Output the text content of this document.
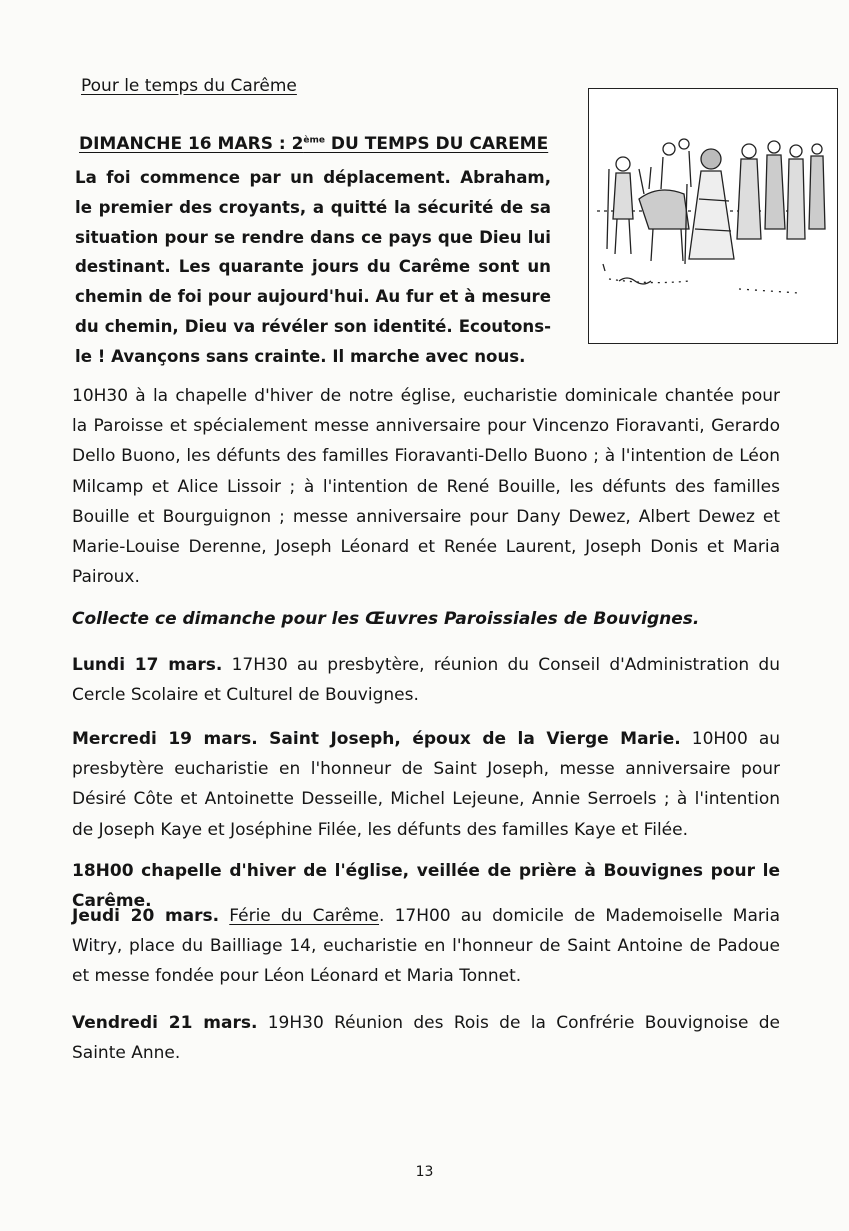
Pour le temps du Carême
DIMANCHE 16 MARS : 2ème DU TEMPS DU CAREME
La foi commence par un déplacement. Abraham, le premier des croyants, a quitté la sécurité de sa situation pour se rendre dans ce pays que Dieu lui destinant. Les quarante jours du Carême sont un chemin de foi pour aujourd'hui. Au fur et à mesure du chemin, Dieu va révéler son identité. Ecoutons-le ! Avançons sans crainte. Il marche avec nous.
10H30 à la chapelle d'hiver de notre église, eucharistie dominicale chantée pour la Paroisse et spécialement messe anniversaire pour Vincenzo Fioravanti, Gerardo Dello Buono, les défunts des familles Fioravanti-Dello Buono ; à l'intention de Léon Milcamp et Alice Lissoir ; à l'intention de René Bouille, les défunts des familles Bouille et Bourguignon ; messe anniversaire pour Dany Dewez, Albert Dewez et Marie-Louise Derenne, Joseph Léonard et Renée Laurent, Joseph Donis et Maria Pairoux.
Collecte ce dimanche pour les Œuvres Paroissiales de Bouvignes.
Lundi 17 mars. 17H30 au presbytère, réunion du Conseil d'Administration du Cercle Scolaire et Culturel de Bouvignes.
Mercredi 19 mars. Saint Joseph, époux de la Vierge Marie. 10H00 au presbytère eucharistie en l'honneur de Saint Joseph, messe anniversaire pour Désiré Côte et Antoinette Desseille, Michel Lejeune, Annie Serroels ; à l'intention de Joseph Kaye et Joséphine Filée, les défunts des familles Kaye et Filée.
18H00 chapelle d'hiver de l'église, veillée de prière à Bouvignes pour le Carême.
Jeudi 20 mars. Férie du Carême. 17H00 au domicile de Mademoiselle Maria Witry, place du Bailliage 14, eucharistie en l'honneur de Saint Antoine de Padoue et messe fondée pour Léon Léonard et Maria Tonnet.
Vendredi 21 mars. 19H30 Réunion des Rois de la Confrérie Bouvignoise de Sainte Anne.
13
